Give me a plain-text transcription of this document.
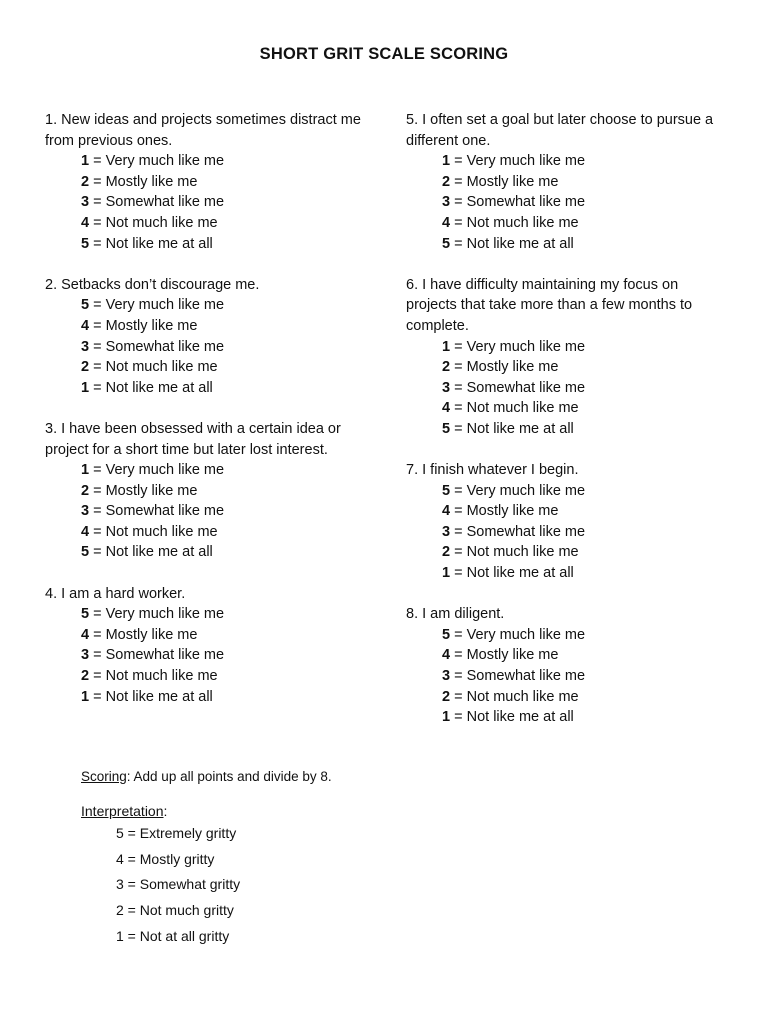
SHORT GRIT SCALE SCORING
1. New ideas and projects sometimes distract me from previous ones.
1 = Very much like me
2 = Mostly like me
3 = Somewhat like me
4 = Not much like me
5 = Not like me at all
2. Setbacks don’t discourage me.
5 = Very much like me
4 = Mostly like me
3 = Somewhat like me
2 = Not much like me
1 = Not like me at all
3. I have been obsessed with a certain idea or project for a short time but later lost interest.
1 = Very much like me
2 = Mostly like me
3 = Somewhat like me
4 = Not much like me
5 = Not like me at all
4. I am a hard worker.
5 = Very much like me
4 = Mostly like me
3 = Somewhat like me
2 = Not much like me
1 = Not like me at all
5. I often set a goal but later choose to pursue a different one.
1 = Very much like me
2 = Mostly like me
3 = Somewhat like me
4 = Not much like me
5 = Not like me at all
6. I have difficulty maintaining my focus on projects that take more than a few months to complete.
1 = Very much like me
2 = Mostly like me
3 = Somewhat like me
4 = Not much like me
5 = Not like me at all
7. I finish whatever I begin.
5 = Very much like me
4 = Mostly like me
3 = Somewhat like me
2 = Not much like me
1 = Not like me at all
8. I am diligent.
5 = Very much like me
4 = Mostly like me
3 = Somewhat like me
2 = Not much like me
1 = Not like me at all
Scoring: Add up all points and divide by 8.
Interpretation:
5 = Extremely gritty
4 = Mostly gritty
3 = Somewhat gritty
2 = Not much gritty
1 = Not at all gritty
